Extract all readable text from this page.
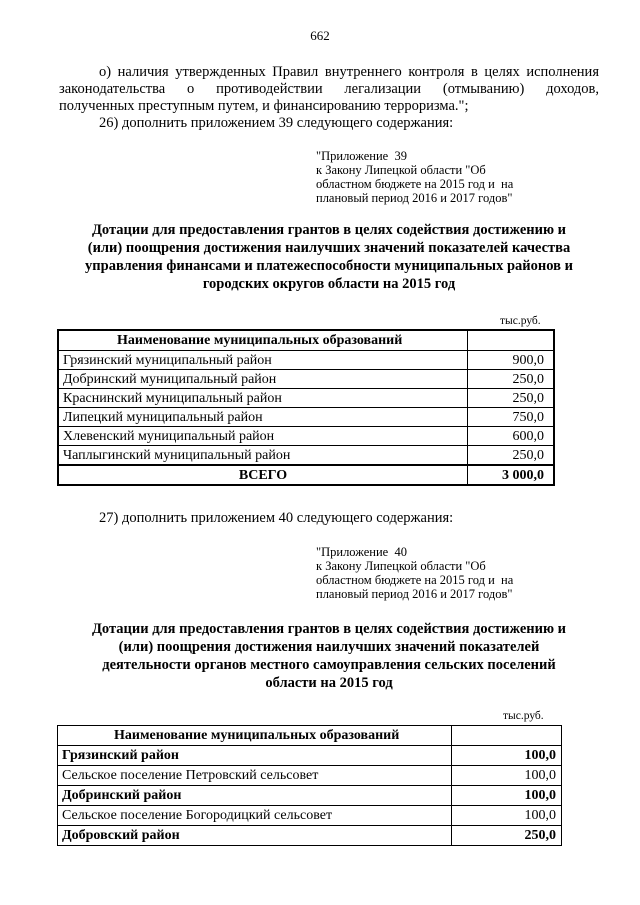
662
о) наличия утвержденных Правил внутреннего контроля в целях исполнения
законодательства о противодействии легализации (отмыванию) доходов,
полученных преступным путем, и финансированию терроризма.";
26) дополнить приложением 39 следующего содержания:
"Приложение  39
к Закону Липецкой области "Об
областном бюджете на 2015 год и  на
плановый период 2016 и 2017 годов"
Дотации для предоставления грантов в целях содействия достижению и
(или) поощрения достижения наилучших значений показателей качества
управления финансами и платежеспособности муниципальных районов и
городских округов области на 2015 год
тыс.руб.
Наименование муниципальных образований	
Грязинский муниципальный район	900,0
Добринский муниципальный район	250,0
Краснинский муниципальный район	250,0
Липецкий муниципальный район	750,0
Хлевенский муниципальный район	600,0
Чаплыгинский муниципальный район	250,0
ВСЕГО	3 000,0
27) дополнить приложением 40 следующего содержания:
"Приложение  40
к Закону Липецкой области "Об
областном бюджете на 2015 год и  на
плановый период 2016 и 2017 годов"
Дотации для предоставления грантов в целях содействия достижению и
(или) поощрения достижения наилучших значений показателей
деятельности органов местного самоуправления сельских поселений
области на 2015 год
тыс.руб.
Наименование муниципальных образований	
Грязинский район	100,0
Сельское поселение Петровский сельсовет	100,0
Добринский район	100,0
Сельское поселение Богородицкий сельсовет	100,0
Добровский район	250,0
